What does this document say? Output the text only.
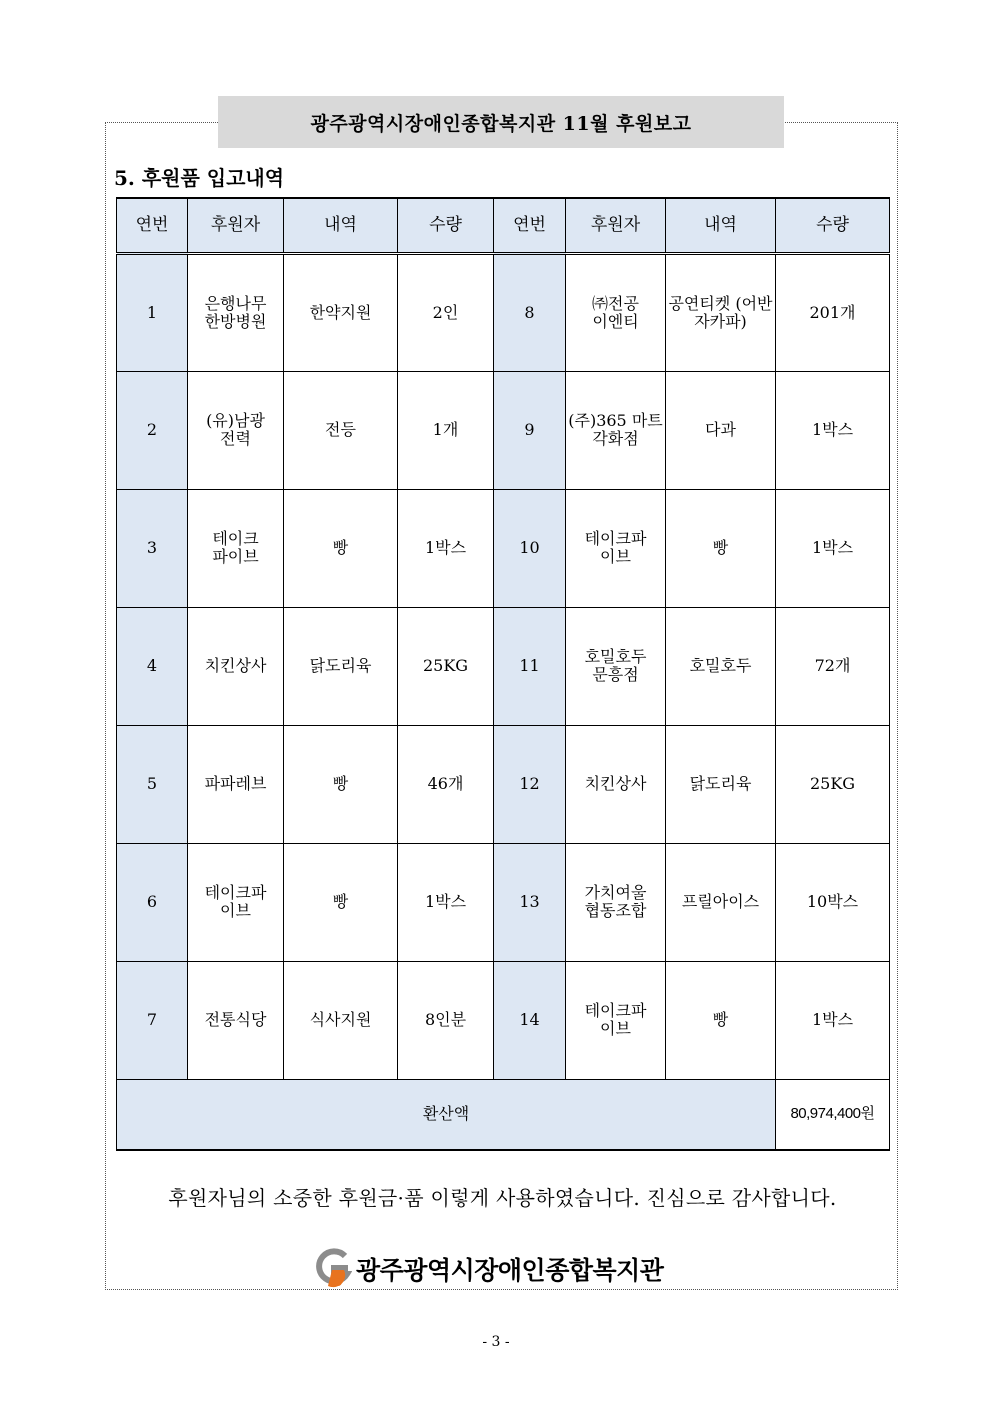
광주광역시장애인종합복지관 11월 후원보고
5. 후원품 입고내역
연번	후원자	내역	수량	연번	후원자	내역	수량
1	은행나무 한방병원	한약지원	2인	8	㈜전공 이엔티	공연티켓 (어반 자카파)	201개
2	(유)남광 전력	전등	1개	9	(주)365 마트 각화점	다과	1박스
3	테이크 파이브	빵	1박스	10	테이크파 이브	빵	1박스
4	치킨상사	닭도리육	25KG	11	호밀호두 문흥점	호밀호두	72개
5	파파레브	빵	46개	12	치킨상사	닭도리육	25KG
6	테이크파 이브	빵	1박스	13	가치여울 협동조합	프릴아이스	10박스
7	전통식당	식사지원	8인분	14	테이크파 이브	빵	1박스
환산액							80,974,400원
후원자님의 소중한 후원금·품 이렇게 사용하였습니다. 진심으로 감사합니다.
광주광역시장애인종합복지관
- 3 -
